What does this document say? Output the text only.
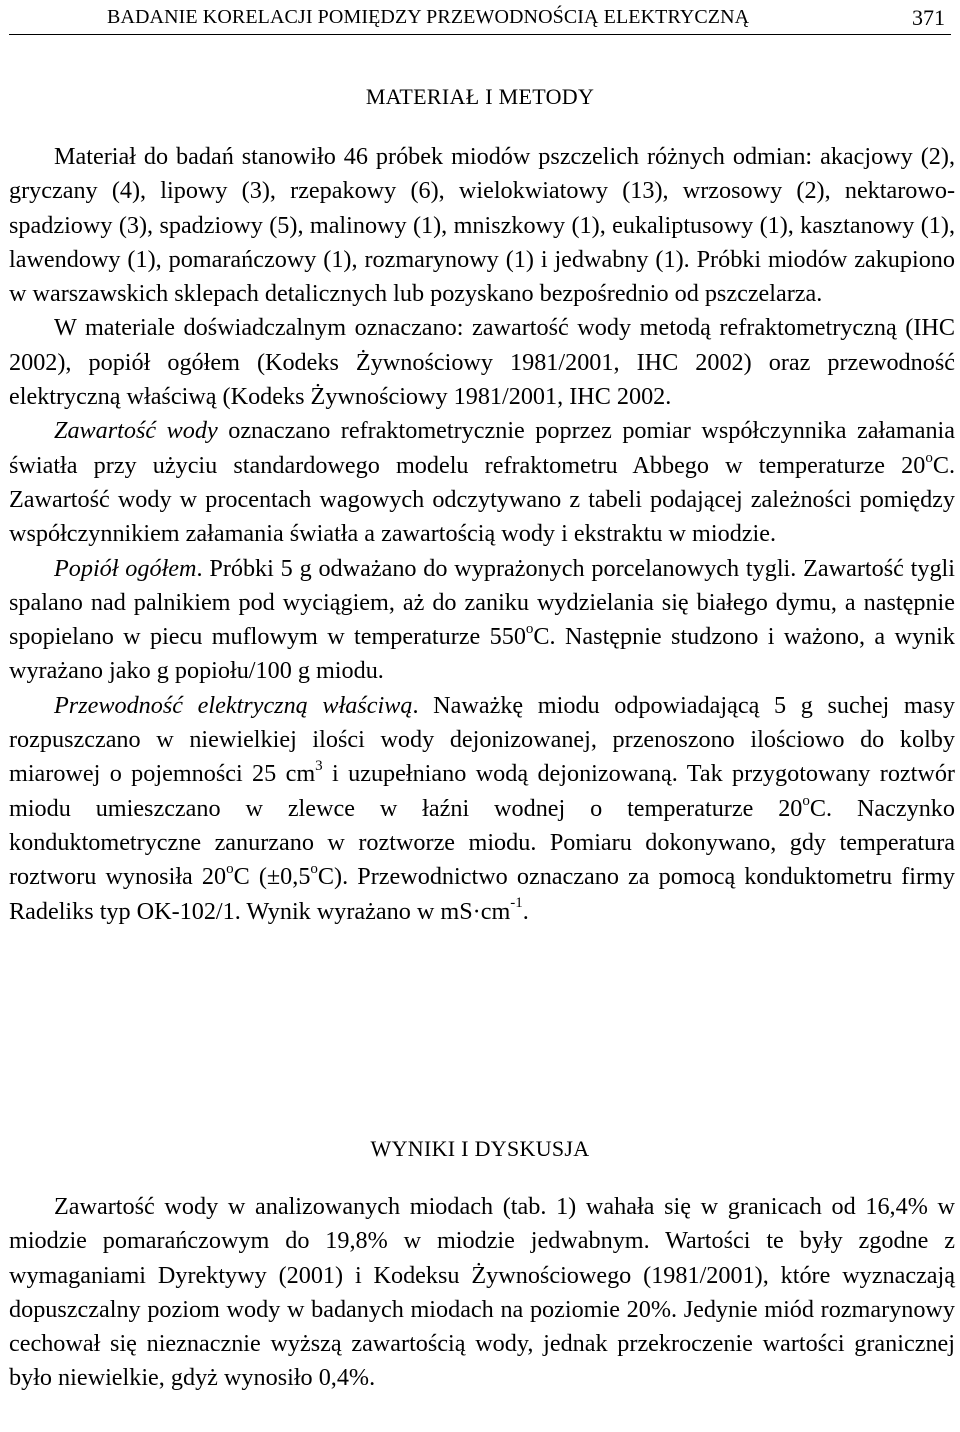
BADANIE KORELACJI POMIĘDZY PRZEWODNOŚCIĄ ELEKTRYCZNĄ	371
MATERIAŁ I METODY

Materiał do badań stanowiło 46 próbek miodów pszczelich różnych odmian: akacjowy (2), gryczany (4), lipowy (3), rzepakowy (6), wielokwiatowy (13), wrzosowy (2), nektarowo-spadziowy (3), spadziowy (5), malinowy (1), mniszkowy (1), eukaliptusowy (1), kasztanowy (1), lawendowy (1), pomarańczowy (1), rozmarynowy (1) i jedwabny (1). Próbki miodów zakupiono w warszawskich sklepach detalicznych lub pozyskano bezpośrednio od pszczelarza.

W materiale doświadczalnym oznaczano: zawartość wody metodą refraktometryczną (IHC 2002), popiół ogółem (Kodeks Żywnościowy 1981/2001, IHC 2002) oraz przewodność elektryczną właściwą (Kodeks Żywnościowy 1981/2001, IHC 2002.

Zawartość wody oznaczano refraktometrycznie poprzez pomiar współczynnika załamania światła przy użyciu standardowego modelu refraktometru Abbego w temperaturze 20$^o$C. Zawartość wody w procentach wagowych odczytywano z tabeli podającej zależności pomiędzy współczynnikiem załamania światła a zawartością wody i ekstraktu w miodzie.

Popiół ogółem. Próbki 5 g odważano do wyprażonych porcelanowych tygli. Zawartość tygli spalano nad palnikiem pod wyciągiem, aż do zaniku wydzielania się białego dymu, a następnie spopielano w piecu muflowym w temperaturze 550$^o$C. Następnie studzono i ważono, a wynik wyrażano jako g popiołu/100 g miodu.

Przewodność elektryczną właściwą. Naważkę miodu odpowiadającą 5 g suchej masy rozpuszczano w niewielkiej ilości wody dejonizowanej, przenoszono ilościowo do kolby miarowej o pojemności 25 $cm^3$ i uzupełniano wodą dejonizowaną. Tak przygotowany roztwór miodu umieszczano w zlewce w łaźni wodnej o temperaturze 20$^o$C. Naczynko konduktometryczne zanurzano w roztworze miodu. Pomiaru dokonywano, gdy temperatura roztworu wynosiła 20$^o$C $(\pm 0,5^oC)$. Przewodnictwo oznaczano za pomocą konduktometru firmy Radeliks typ OK-102/1. Wynik wyrażano w $mS\cdot cm^{-1}$.

WYNIKI I DYSKUSJA

Zawartość wody w analizowanych miodach (tab. 1) wahała się w granicach od 16,4% w miodzie pomarańczowym do 19,8% w miodzie jedwabnym. Wartości te były zgodne z wymaganiami Dyrektywy (2001) i Kodeksu Żywnościowego (1981/2001), które wyznaczają dopuszczalny poziom wody w badanych miodach na poziomie 20%. Jedynie miód rozmarynowy cechował się nieznacznie wyższą zawartością wody, jednak przekroczenie wartości granicznej było niewielkie, gdyż wynosiło 0,4%.
